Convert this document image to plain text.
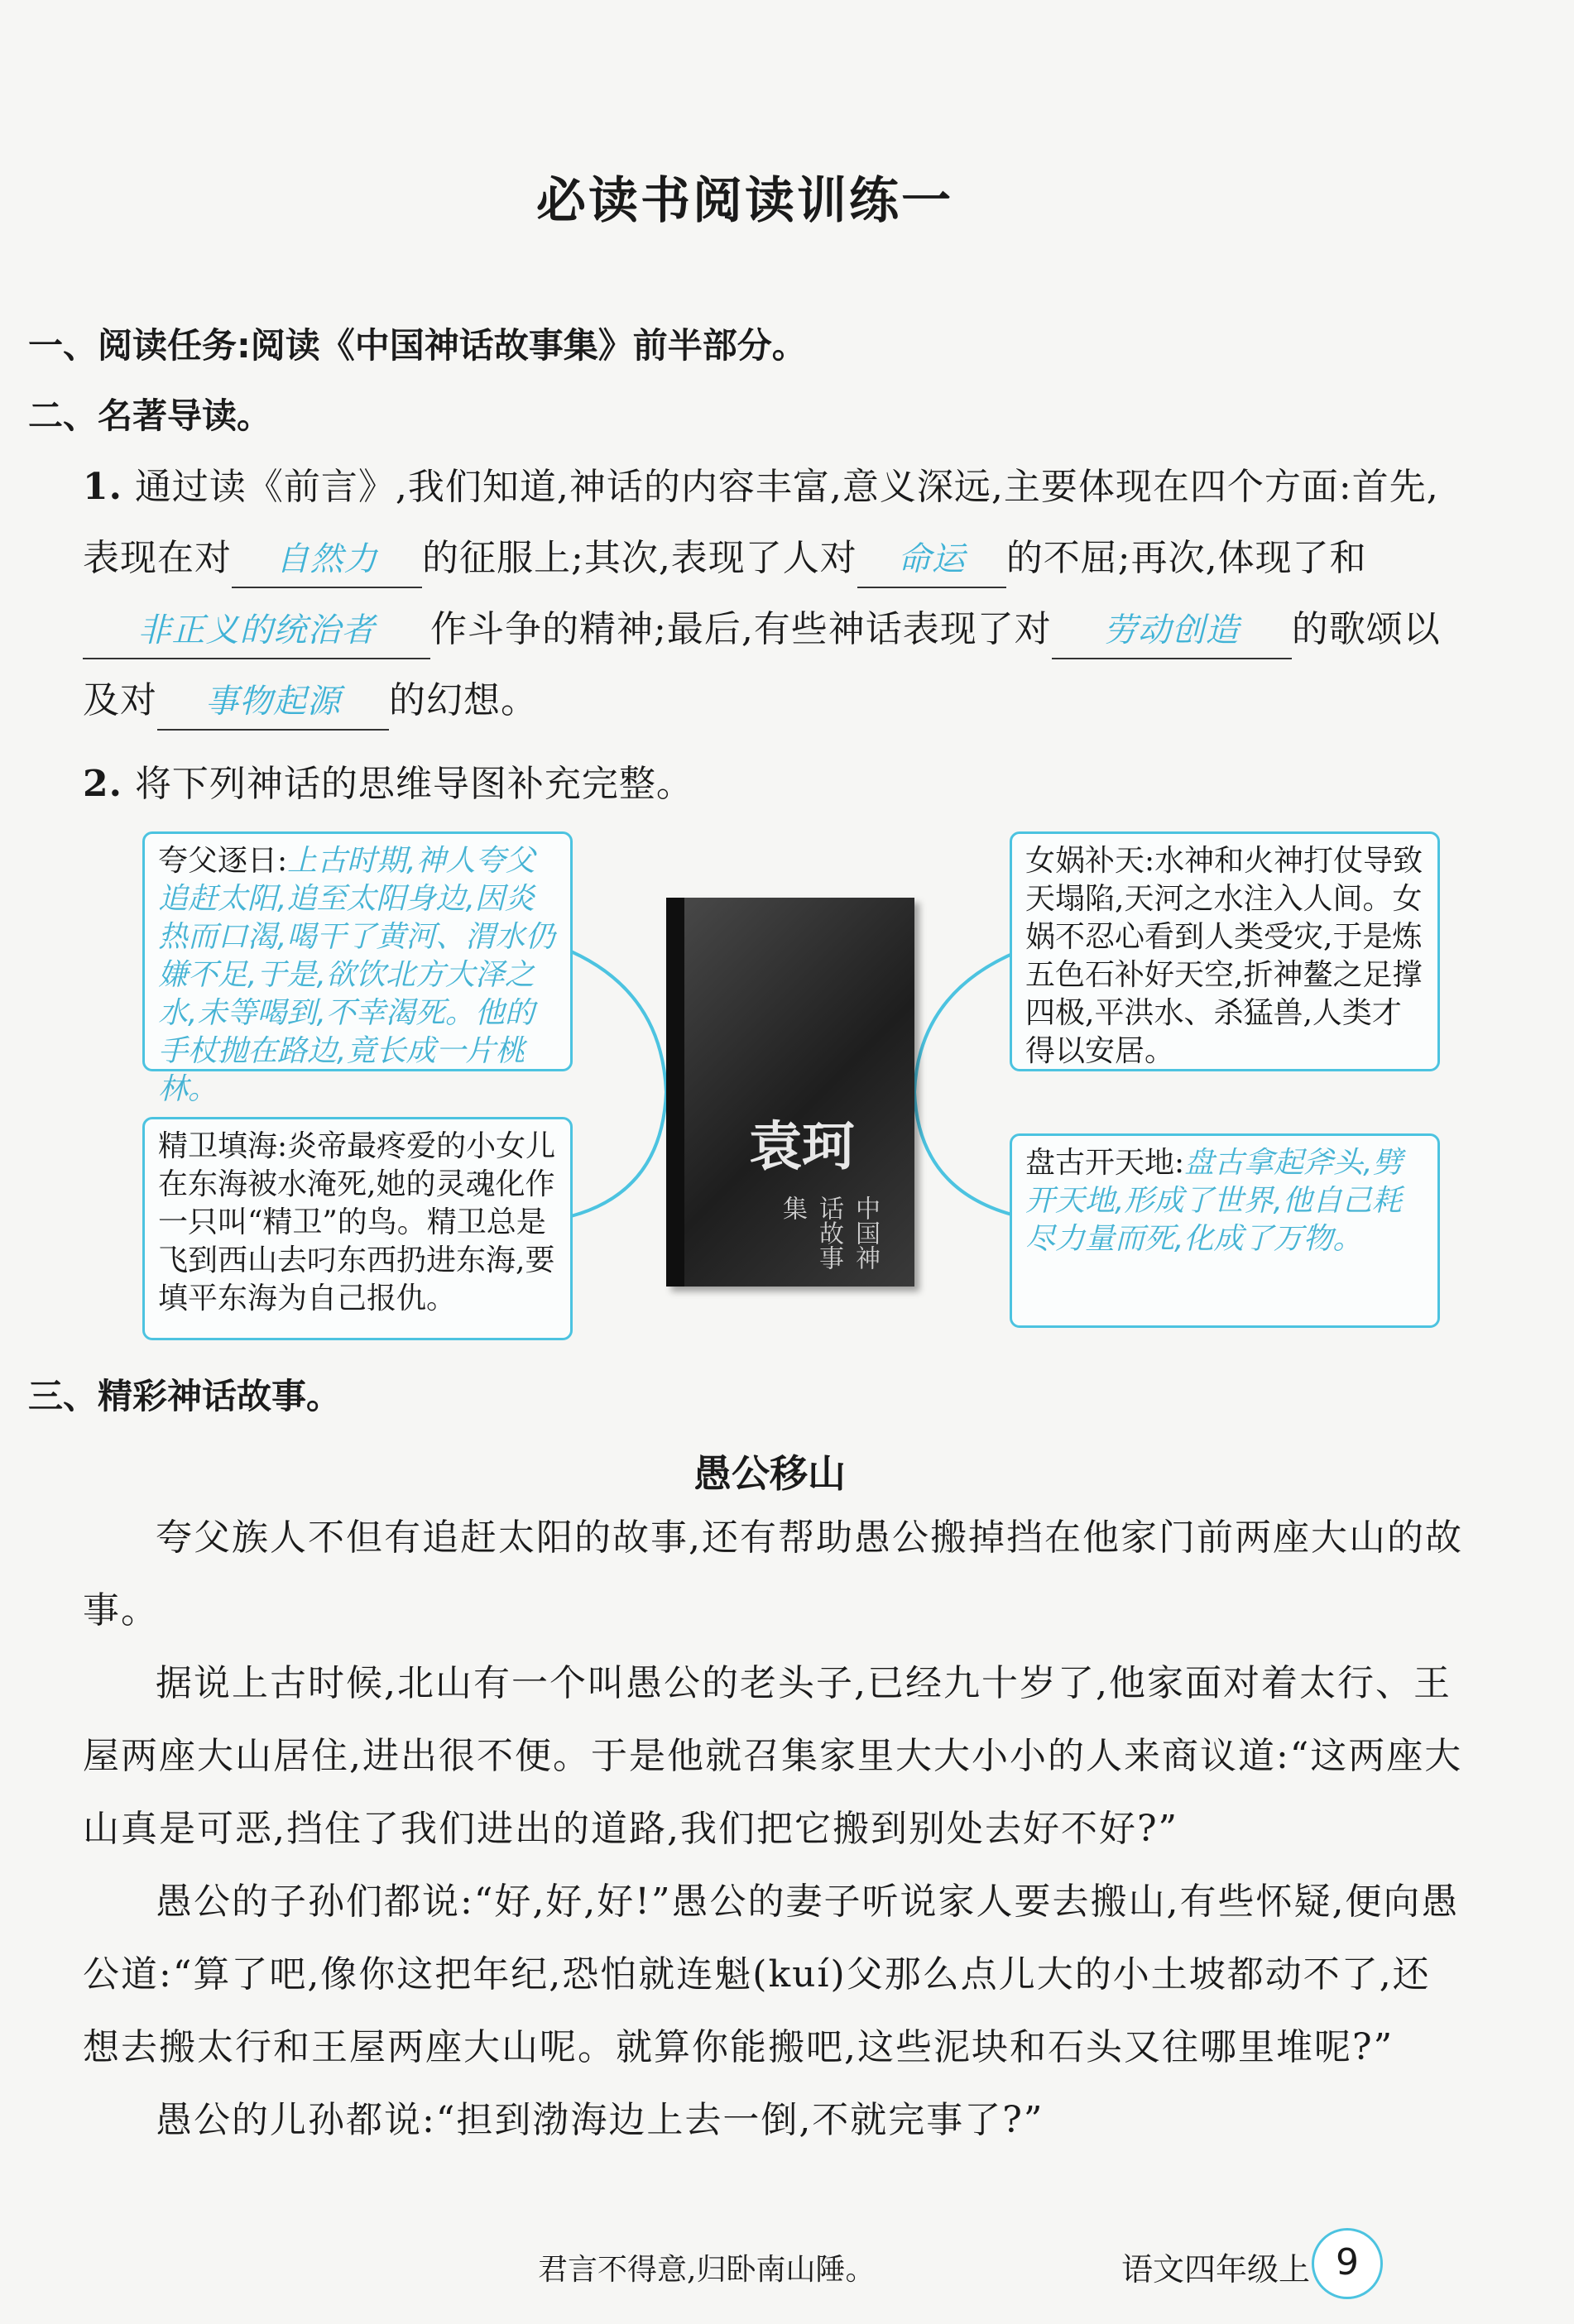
必读书阅读训练一
一、阅读任务:阅读《中国神话故事集》前半部分。
二、名著导读。
1. 通过读《前言》,我们知道,神话的内容丰富,意义深远,主要体现在四个方面:首先,表现在对 自然力 的征服上;其次,表现了人对 命运 的不屈;再次,体现了和非正义的统治者 作斗争的精神;最后,有些神话表现了对 劳动创造 的歌颂以及对 事物起源 的幻想。
2. 将下列神话的思维导图补充完整。
夸父逐日:上古时期,神人夸父追赶太阳,追至太阳身边,因炎热而口渴,喝干了黄河、渭水仍嫌不足,于是,欲饮北方大泽之水,未等喝到,不幸渴死。他的手杖抛在路边,竟长成一片桃林。
精卫填海:炎帝最疼爱的小女儿在东海被水淹死,她的灵魂化作一只叫“精卫”的鸟。精卫总是飞到西山去叼东西扔进东海,要填平东海为自己报仇。
袁珂
中国神话故事集
女娲补天:水神和火神打仗导致天塌陷,天河之水注入人间。女娲不忍心看到人类受灾,于是炼五色石补好天空,折神鳌之足撑四极,平洪水、杀猛兽,人类才得以安居。
盘古开天地:盘古拿起斧头,劈开天地,形成了世界,他自己耗尽力量而死,化成了万物。
三、精彩神话故事。
愚公移山

夸父族人不但有追赶太阳的故事,还有帮助愚公搬掉挡在他家门前两座大山的故事。

据说上古时候,北山有一个叫愚公的老头子,已经九十岁了,他家面对着太行、王屋两座大山居住,进出很不便。于是他就召集家里大大小小的人来商议道:“这两座大山真是可恶,挡住了我们进出的道路,我们把它搬到别处去好不好?”

愚公的子孙们都说:“好,好,好!”愚公的妻子听说家人要去搬山,有些怀疑,便向愚公道:“算了吧,像你这把年纪,恐怕就连魁(kuí)父那么点儿大的小土坡都动不了,还想去搬太行和王屋两座大山呢。就算你能搬吧,这些泥块和石头又往哪里堆呢?”

愚公的儿孙都说:“担到渤海边上去一倒,不就完事了?”

君言不得意,归卧南山陲。	语文四年级上 9
